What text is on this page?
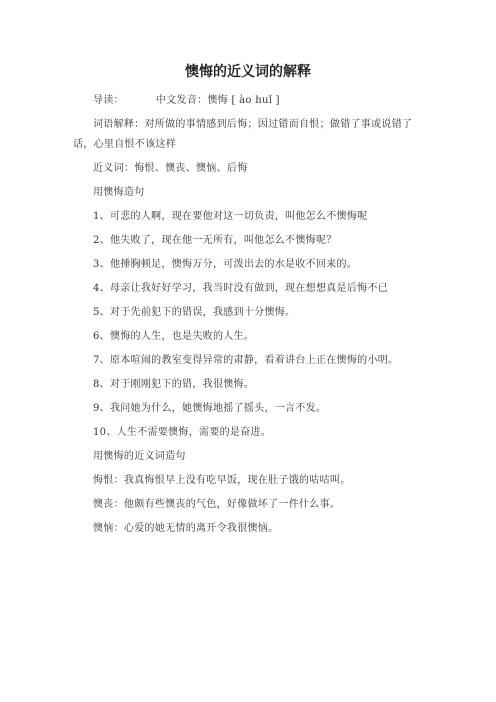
懊悔的近义词的解释
导读：	中文发音：懊悔 [ ào huǐ ]
词语解释：对所做的事情感到后悔；因过错而自恨；做错了事或说错了话，心里自恨不该这样
近义词：悔恨、懊丧、懊恼、后悔
用懊悔造句
1、可悲的人啊，现在要他对这一切负责，叫他怎么不懊悔呢
2、他失败了，现在他一无所有，叫他怎么不懊悔呢？
3、他捶胸顿足，懊悔万分，可泼出去的水是收不回来的。
4、母亲让我好好学习，我当时没有做到，现在想想真是后悔不已
5、对于先前犯下的错误，我感到十分懊悔。
6、懊悔的人生，也是失败的人生。
7、原本喧闹的教室变得异常的肃静，看着讲台上正在懊悔的小明。
8、对于刚刚犯下的错，我很懊悔。
9、我问她为什么，她懊悔地摇了摇头，一言不发。
10、人生不需要懊悔，需要的是奋进。
用懊悔的近义词造句
悔恨：我真悔恨早上没有吃早饭，现在肚子饿的咕咕叫。
懊丧：他颇有些懊丧的气色，好像做坏了一件什么事。
懊恼：心爱的她无情的离开令我很懊恼。
